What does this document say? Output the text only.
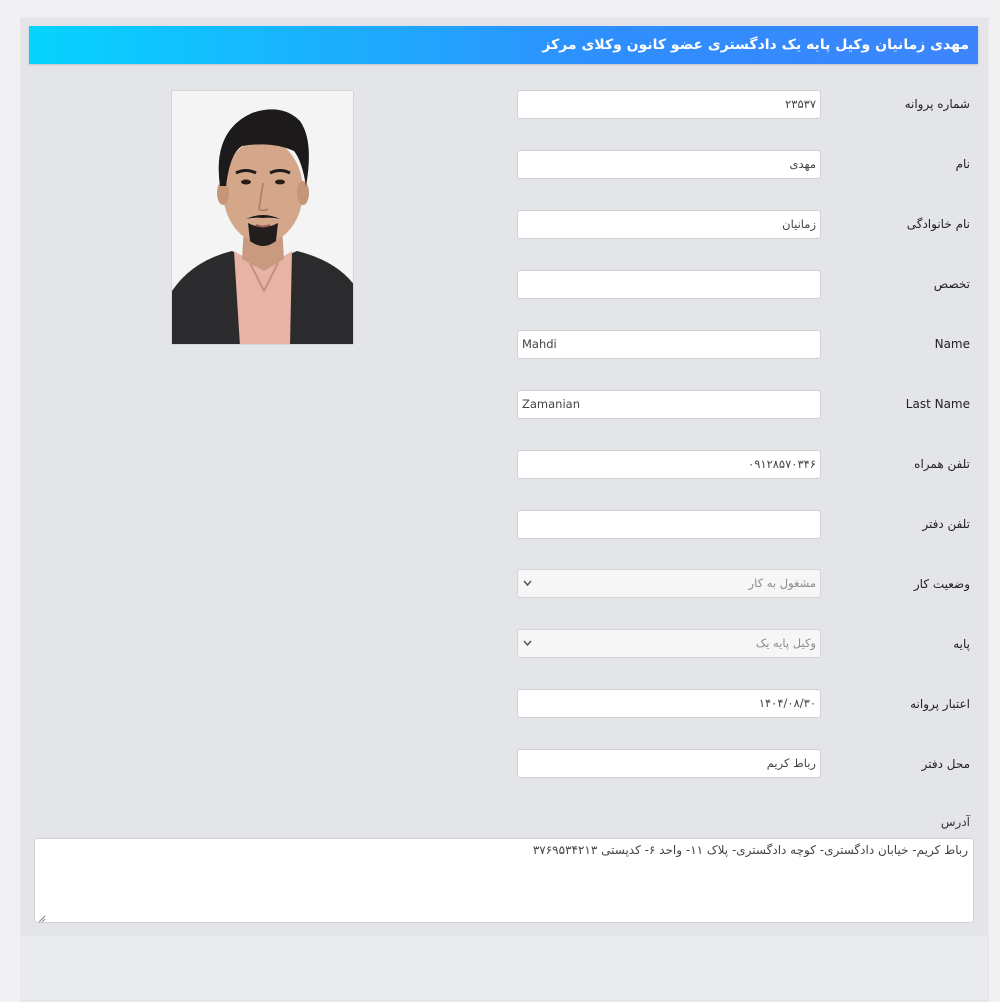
مهدی زمانیان وکیل پایه یک دادگستری عضو کانون وکلای مرکز
شماره پروانه
۲۳۵۳۷
نام
مهدی
نام خانوادگی
زمانیان
تخصص
Name
Mahdi
Last Name
Zamanian
تلفن همراه
۰۹۱۲۸۵۷۰۳۴۶
تلفن دفتر
وضعیت کار
مشغول به کار
پایه
وکیل پایه یک
اعتبار پروانه
۱۴۰۴/۰۸/۳۰
محل دفتر
رباط کریم
آدرس
رباط کریم- خیابان دادگستری- کوچه دادگستری- پلاک ۱۱- واحد ۶- کدپستی ۳۷۶۹۵۳۴۲۱۳
